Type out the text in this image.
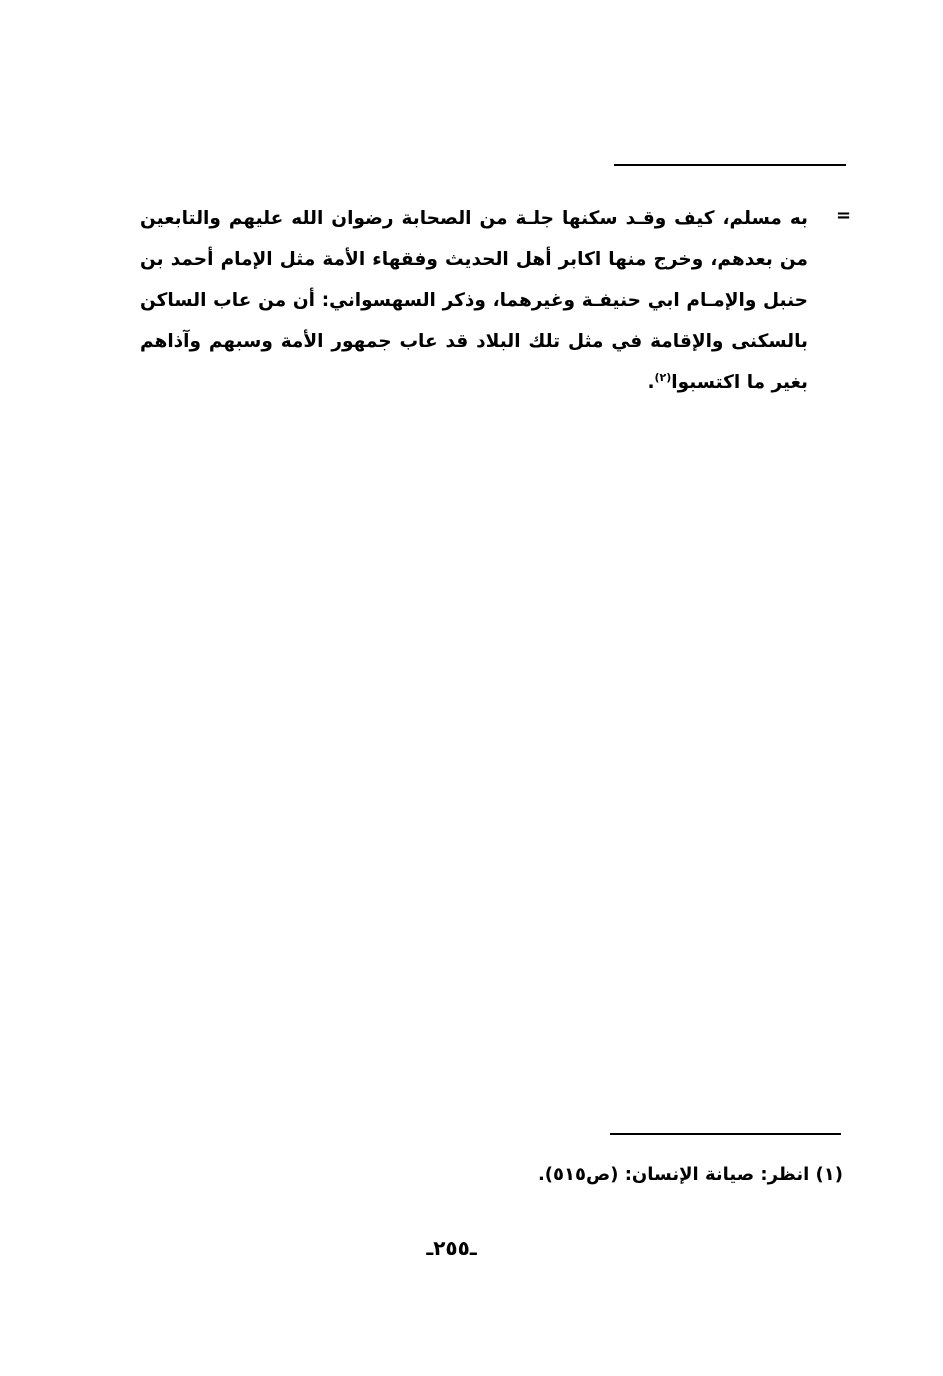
=

به مسلم، كيف وقـد سكنها جلـة من الصحابة رضوان الله عليهم والتابعين من بعدهم، وخرج منها اكابر أهل الحديث وفقهاء الأمة مثل الإمام أحمد بن حنبل والإمـام ابي حنيفـة وغيرهما، وذكر السهسواني: أن من عاب الساكن بالسكنى والإقامة في مثل تلك البلاد قد عاب جمهور الأمة وسبهم وآذاهم بغير ما اكتسبوا$^{(٢)}$.

(١) انظر: صيانة الإنسان: (ص٥١٥).

ـ٢٥٥ـ
